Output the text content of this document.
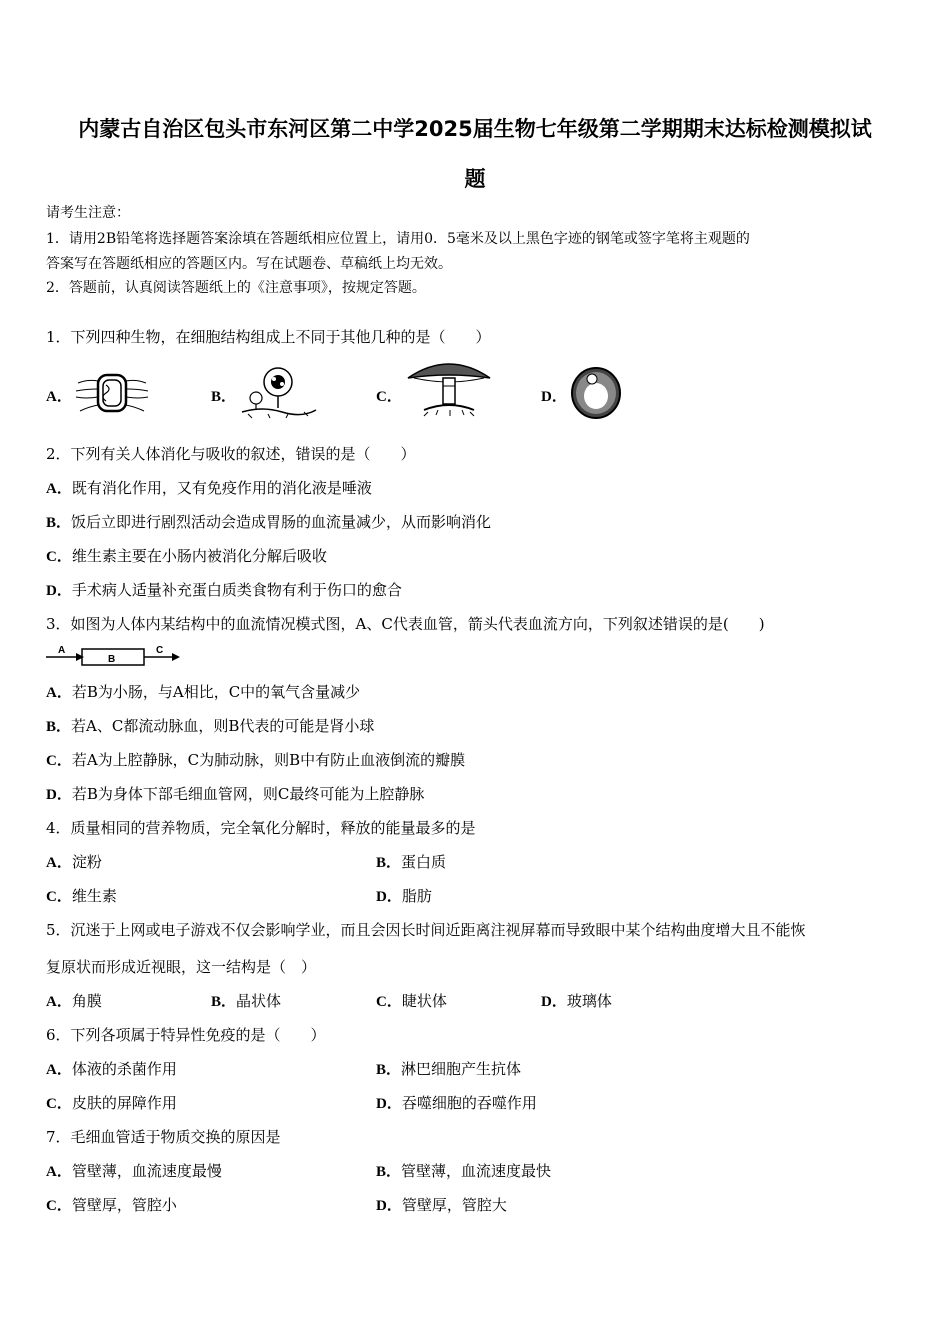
内蒙古自治区包头市东河区第二中学2025届生物七年级第二学期期末达标检测模拟试
题
请考生注意：
1．请用2B铅笔将选择题答案涂填在答题纸相应位置上，请用0．5毫米及以上黑色字迹的钢笔或签字笔将主观题的
答案写在答题纸相应的答题区内。写在试题卷、草稿纸上均无效。
2．答题前，认真阅读答题纸上的《注意事项》，按规定答题。
1．下列四种生物，在细胞结构组成上不同于其他几种的是（　　）
A．	B．	C．	D．
2．下列有关人体消化与吸收的叙述，错误的是（　　）
A．既有消化作用，又有免疫作用的消化液是唾液
B．饭后立即进行剧烈活动会造成胃肠的血流量减少，从而影响消化
C．维生素主要在小肠内被消化分解后吸收
D．手术病人适量补充蛋白质类食物有利于伤口的愈合
3．如图为人体内某结构中的血流情况模式图，A、C代表血管，箭头代表血流方向，下列叙述错误的是(　　)
A
B
C
A．若B为小肠，与A相比，C中的氧气含量减少
B．若A、C都流动脉血，则B代表的可能是肾小球
C．若A为上腔静脉，C为肺动脉，则B中有防止血液倒流的瓣膜
D．若B为身体下部毛细血管网，则C最终可能为上腔静脉
4．质量相同的营养物质，完全氧化分解时，释放的能量最多的是
A．淀粉	B．蛋白质
C．维生素	D．脂肪
5．沉迷于上网或电子游戏不仅会影响学业，而且会因长时间近距离注视屏幕而导致眼中某个结构曲度增大且不能恢
复原状而形成近视眼，这一结构是（　）
A．角膜	B．晶状体	C．睫状体	D．玻璃体
6．下列各项属于特异性免疫的是（　　）
A．体液的杀菌作用	B．淋巴细胞产生抗体
C．皮肤的屏障作用	D．吞噬细胞的吞噬作用
7．毛细血管适于物质交换的原因是
A．管壁薄，血流速度最慢	B．管壁薄，血流速度最快
C．管壁厚，管腔小	D．管壁厚，管腔大
